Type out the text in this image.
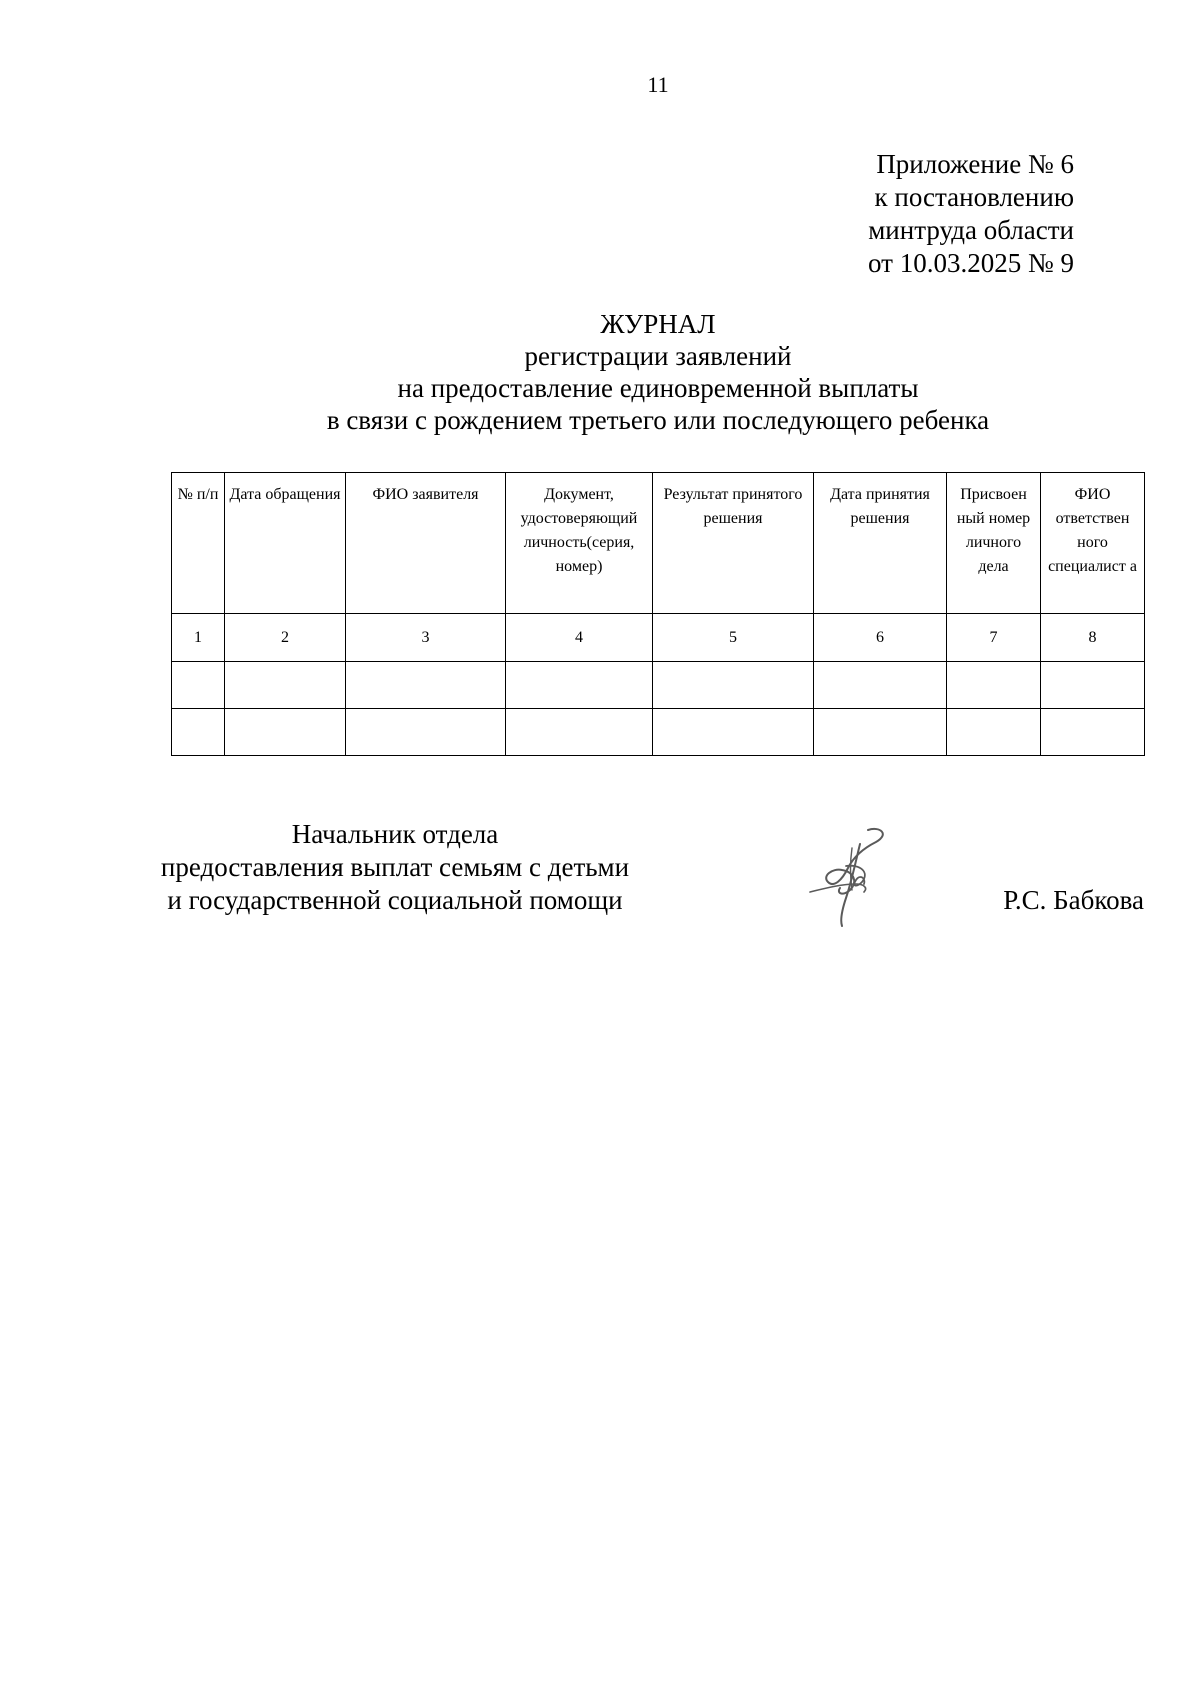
11
Приложение № 6
к постановлению
минтруда области
от 10.03.2025 № 9
ЖУРНАЛ
регистрации заявлений
на предоставление единовременной выплаты
в связи с рождением третьего или последующего ребенка
№ п/п	Дата обращения	ФИО заявителя	Документ, удостоверяющий личность(серия, номер)	Результат принятого решения	Дата принятия решения	Присвоен ный номер личного дела	ФИО ответствен ного специалист а
1	2	3	4	5	6	7	8

Начальник отдела
предоставления выплат семьям с детьми
и государственной социальной помощи	Р.С. Бабкова
